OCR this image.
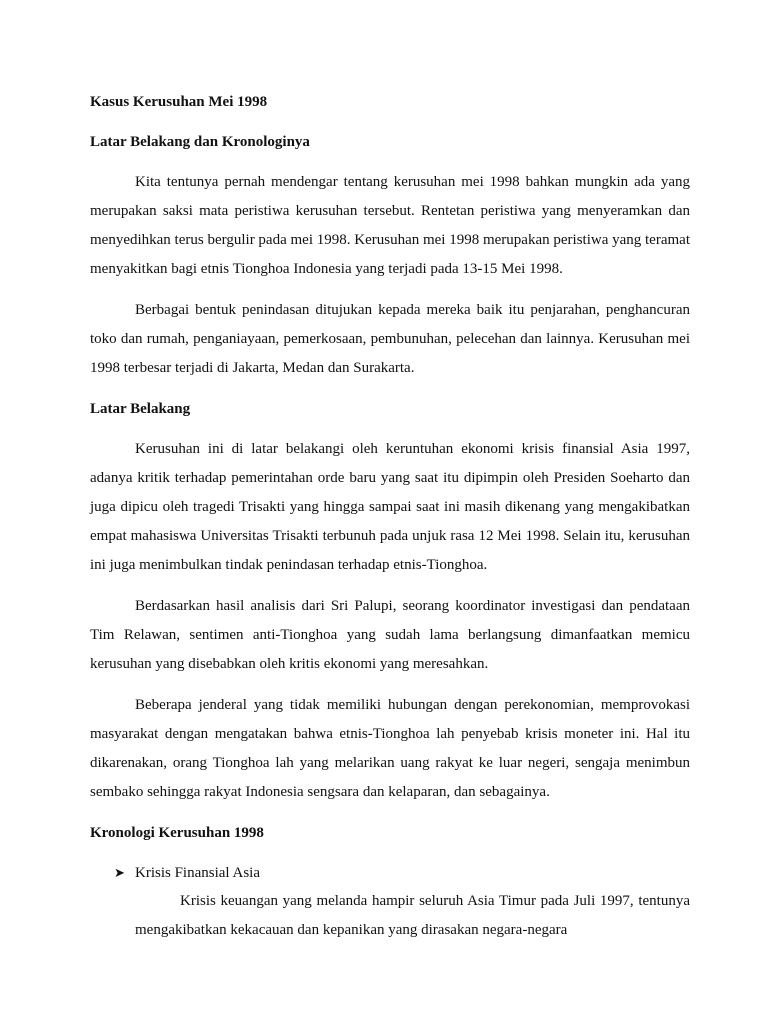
Kasus Kerusuhan Mei 1998
Latar Belakang dan Kronologinya

Kita tentunya pernah mendengar tentang kerusuhan mei 1998 bahkan mungkin ada yang merupakan saksi mata peristiwa kerusuhan tersebut. Rentetan peristiwa yang menyeramkan dan menyedihkan terus bergulir pada mei 1998. Kerusuhan mei 1998 merupakan peristiwa yang teramat menyakitkan bagi etnis Tionghoa Indonesia yang terjadi pada 13-15 Mei 1998.

Berbagai bentuk penindasan ditujukan kepada mereka baik itu penjarahan, penghancuran toko dan rumah, penganiayaan, pemerkosaan, pembunuhan, pelecehan dan lainnya. Kerusuhan mei 1998 terbesar terjadi di Jakarta, Medan dan Surakarta.

Latar Belakang

Kerusuhan ini di latar belakangi oleh keruntuhan ekonomi krisis finansial Asia 1997, adanya kritik terhadap pemerintahan orde baru yang saat itu dipimpin oleh Presiden Soeharto dan juga dipicu oleh tragedi Trisakti yang hingga sampai saat ini masih dikenang yang mengakibatkan empat mahasiswa Universitas Trisakti terbunuh pada unjuk rasa 12 Mei 1998. Selain itu, kerusuhan ini juga menimbulkan tindak penindasan terhadap etnis-Tionghoa.

Berdasarkan hasil analisis dari Sri Palupi, seorang koordinator investigasi dan pendataan Tim Relawan, sentimen anti-Tionghoa yang sudah lama berlangsung dimanfaatkan memicu kerusuhan yang disebabkan oleh kritis ekonomi yang meresahkan.

Beberapa jenderal yang tidak memiliki hubungan dengan perekonomian, memprovokasi masyarakat dengan mengatakan bahwa etnis-Tionghoa lah penyebab krisis moneter ini. Hal itu dikarenakan, orang Tionghoa lah yang melarikan uang rakyat ke luar negeri, sengaja menimbun sembako sehingga rakyat Indonesia sengsara dan kelaparan, dan sebagainya.

Kronologi Kerusuhan 1998
➤ Krisis Finansial Asia

Krisis keuangan yang melanda hampir seluruh Asia Timur pada Juli 1997, tentunya mengakibatkan kekacauan dan kepanikan yang dirasakan negara-negara
